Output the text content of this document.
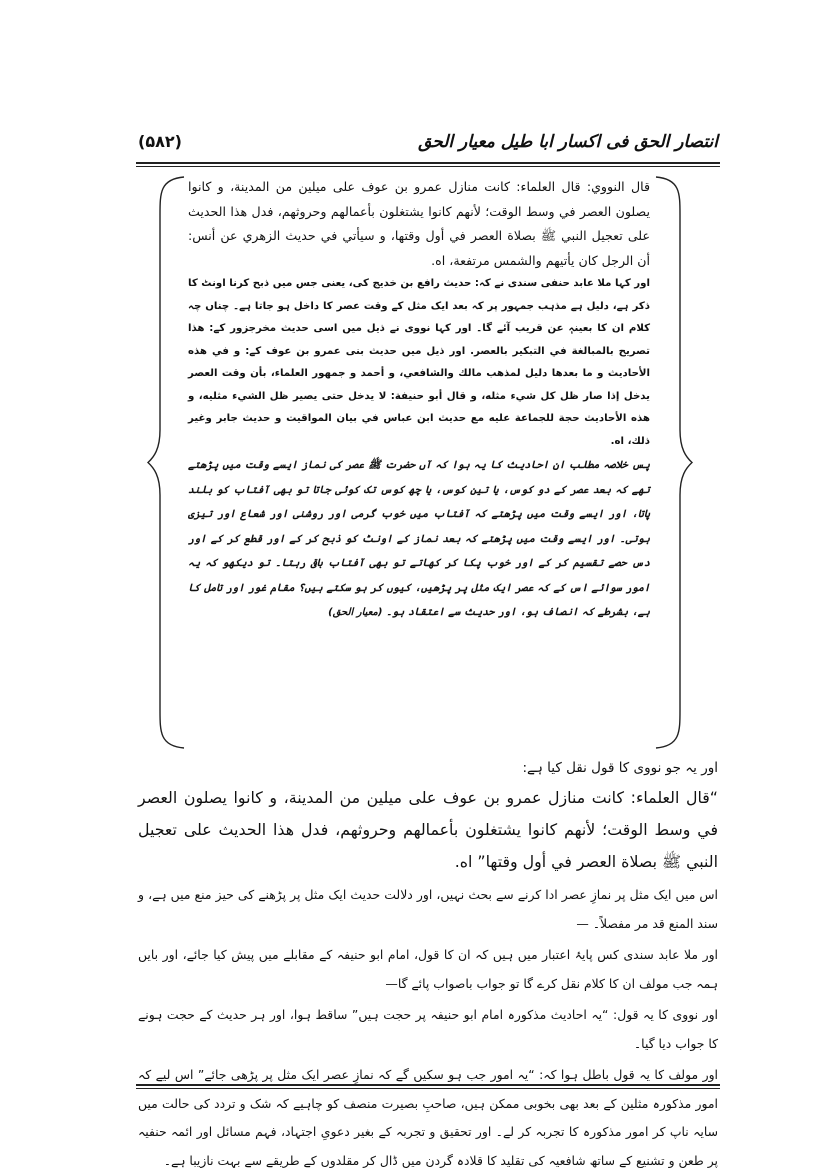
انتصار الحق فى اکسار ابا طیل معیار الحق
(۵۸۲)

قال النووي: قال العلماء: كانت منازل عمرو بن عوف على ميلين من المدينة، و كانوا يصلون العصر في وسط الوقت؛ لأنهم كانوا يشتغلون بأعمالهم وحروثهم، فدل هذا الحديث على تعجيل النبي ﷺ بصلاة العصر في أول وقتها، و سيأتي في حديث الزهري عن أنس: أن الرجل كان يأتيهم والشمس مرتفعة، اه.

اور کہا ملا عابد حنفی سندی نے کہ: حدیث رافع بن خدیج کی، یعنی جس میں ذبح کرنا اونٹ کا ذکر ہے، دلیل ہے مذہب جمہور پر کہ بعد ایک مثل کے وقت عصر کا داخل ہو جاتا ہے۔ چناں چہ کلام ان کا بعینہٖ عن قریب آئے گا۔ اور کہا نووی نے ذیل میں اسی حدیث مخرجزور کے: هذا تصريح بالمبالغة في التبكير بالعصر. اور ذیل میں حدیث بنی عمرو بن عوف کے: و في هذه الأحاديث و ما بعدها دليل لمذهب مالك والشافعي، و أحمد و جمهور العلماء، بأن وقت العصر يدخل إذا صار ظل كل شيء مثله، و قال أبو حنيفة: لا يدخل حتى يصير ظل الشيء مثليه، و هذه الأحاديث حجة للجماعة عليه مع حديث ابن عباس في بيان المواقيت و حديث جابر وغير ذلك، اه.

پس خلاصہ مطلب ان احادیث کا یہ ہوا کہ آں حضرت ﷺ عصر کی نماز ایسے وقت میں پڑھتے تھے کہ بعد عصر کے دو کوس، یا تین کوس، یا چھ کوس تک کوئی جاتا تو بھی آفتاب کو بلند پاتا، اور ایسے وقت میں پڑھتے کہ آفتاب میں خوب گرمی اور روشنی اور شعاع اور تیزی ہوتی۔ اور ایسے وقت میں پڑھتے کہ بعد نماز کے اونٹ کو ذبح کر کے اور قطع کر کے اور دس حصے تقسیم کر کے اور خوب پکا کر کھاتے تو بھی آفتاب باقی رہتا۔ تو دیکھو کہ یہ امور سوائے اس کے کہ عصر ایک مثل پر پڑھیں، کیوں کر ہو سکتے ہیں؟ مقام غور اور تامل کا ہے، بشرطے کہ انصاف ہو، اور حدیث سے اعتقاد ہو۔ (معیار الحق)

اور یہ جو نووی کا قول نقل کیا ہے:

“قال العلماء: كانت منازل عمرو بن عوف على ميلين من المدينة، و كانوا يصلون العصر في وسط الوقت؛ لأنهم كانوا يشتغلون بأعمالهم وحروثهم، فدل هذا الحديث على تعجيل النبي ﷺ بصلاة العصر في أول وقتها” اه.

اس میں ایک مثل پر نمازِ عصر ادا کرنے سے بحث نہیں، اور دلالت حدیث ایک مثل پر پڑھنے کی حیز منع میں ہے، و سند المنع قد مر مفصلاً۔ —

اور ملا عابد سندی کس پایۂ اعتبار میں ہیں کہ ان کا قول، امام ابو حنیفہ کے مقابلے میں پیش کیا جائے، اور بایں ہمہ جب مولف ان کا کلام نقل کرے گا تو جواب باصواب پائے گا—

اور نووی کا یہ قول: “یہ احادیث مذکورہ امام ابو حنیفہ پر حجت ہیں” ساقط ہوا، اور ہر حدیث کے حجت ہونے کا جواب دیا گیا۔

اور مولف کا یہ قول باطل ہوا کہ: “یہ امور جب ہو سکیں گے کہ نمازِ عصر ایک مثل پر پڑھی جائے” اس لیے کہ امور مذکورہ مثلین کے بعد بھی بخوبی ممکن ہیں، صاحبِ بصیرت منصف کو چاہیے کہ شک و تردد کی حالت میں سایہ ناپ کر امور مذکورہ کا تجربہ کر لے۔ اور تحقیق و تجربہ کے بغیر دعویِ اجتہاد، فہم مسائل اور ائمہ حنفیہ پر طعن و تشنیع کے ساتھ شافعیہ کی تقلید کا قلادہ گردن میں ڈال کر مقلدوں کے طریقے سے بہت نازیبا ہے۔
